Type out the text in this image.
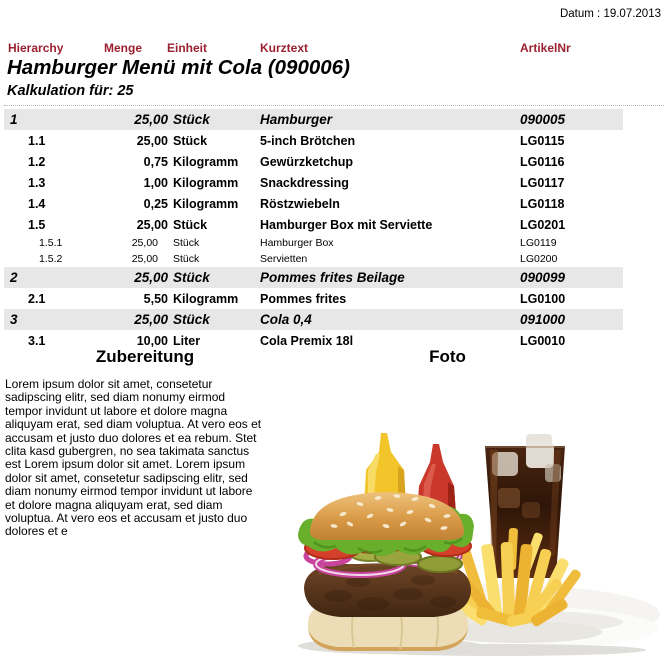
Datum : 19.07.2013
Hierarchy	Menge Einheit	Kurztext	ArtikelNr
Hamburger Menü mit Cola (090006)
Kalkulation für: 25
1	25,00 Stück	Hamburger	090005
1.1	25,00 Stück	5-inch Brötchen	LG0115
1.2	0,75 Kilogramm	Gewürzketchup	LG0116
1.3	1,00 Kilogramm	Snackdressing	LG0117
1.4	0,25 Kilogramm	Röstzwiebeln	LG0118
1.5	25,00 Stück	Hamburger Box mit Serviette	LG0201
1.5.1	25,00	Stück	Hamburger Box	LG0119
1.5.2	25,00	Stück	Servietten	LG0200
2	25,00 Stück	Pommes frites Beilage	090099
2.1	5,50 Kilogramm	Pommes frites	LG0100
3	25,00 Stück	Cola 0,4	091000
3.1	10,00 Liter	Cola Premix 18l	LG0010
Zubereitung	Foto
Lorem ipsum dolor sit amet, consetetur sadipscing elitr, sed diam nonumy eirmod tempor invidunt ut labore et dolore magna aliquyam erat, sed diam voluptua. At vero eos et accusam et justo duo dolores et ea rebum. Stet clita kasd gubergren, no sea takimata sanctus est Lorem ipsum dolor sit amet. Lorem ipsum dolor sit amet, consetetur sadipscing elitr, sed diam nonumy eirmod tempor invidunt ut labore et dolore magna aliquyam erat, sed diam voluptua. At vero eos et accusam et justo duo dolores et e
